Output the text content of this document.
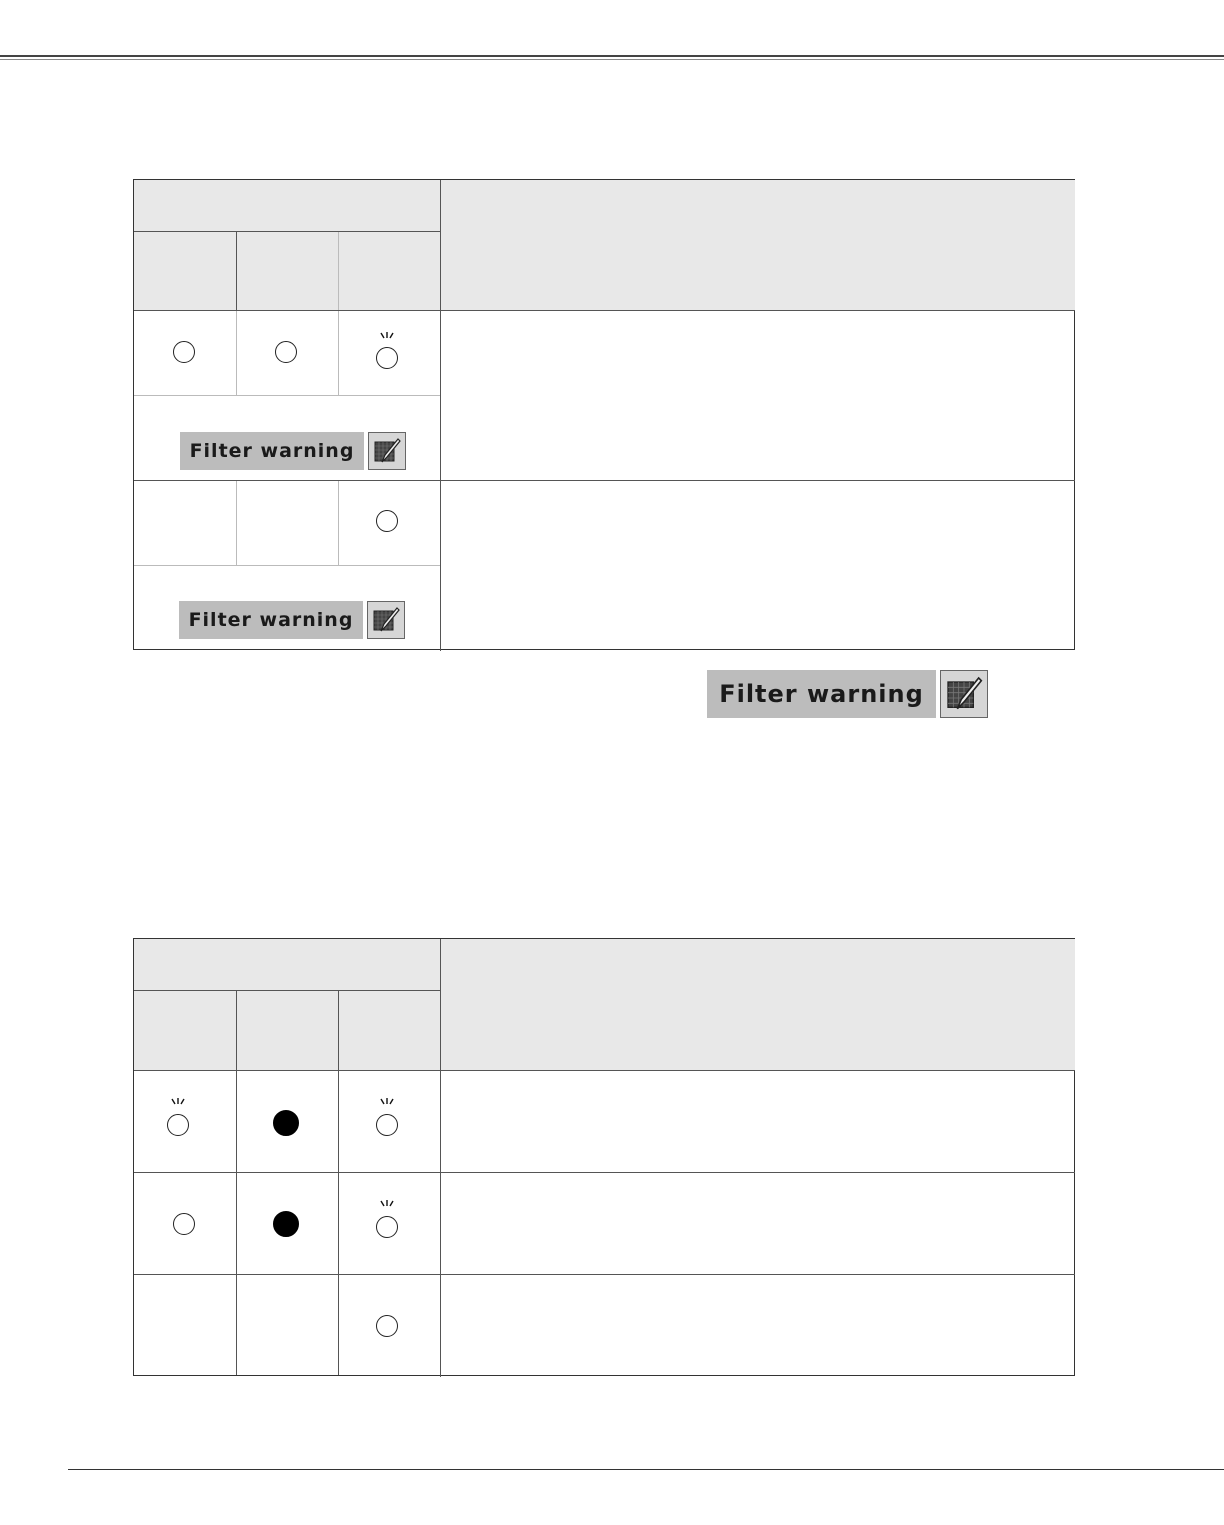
Filter warning
Filter warning
Filter warning
